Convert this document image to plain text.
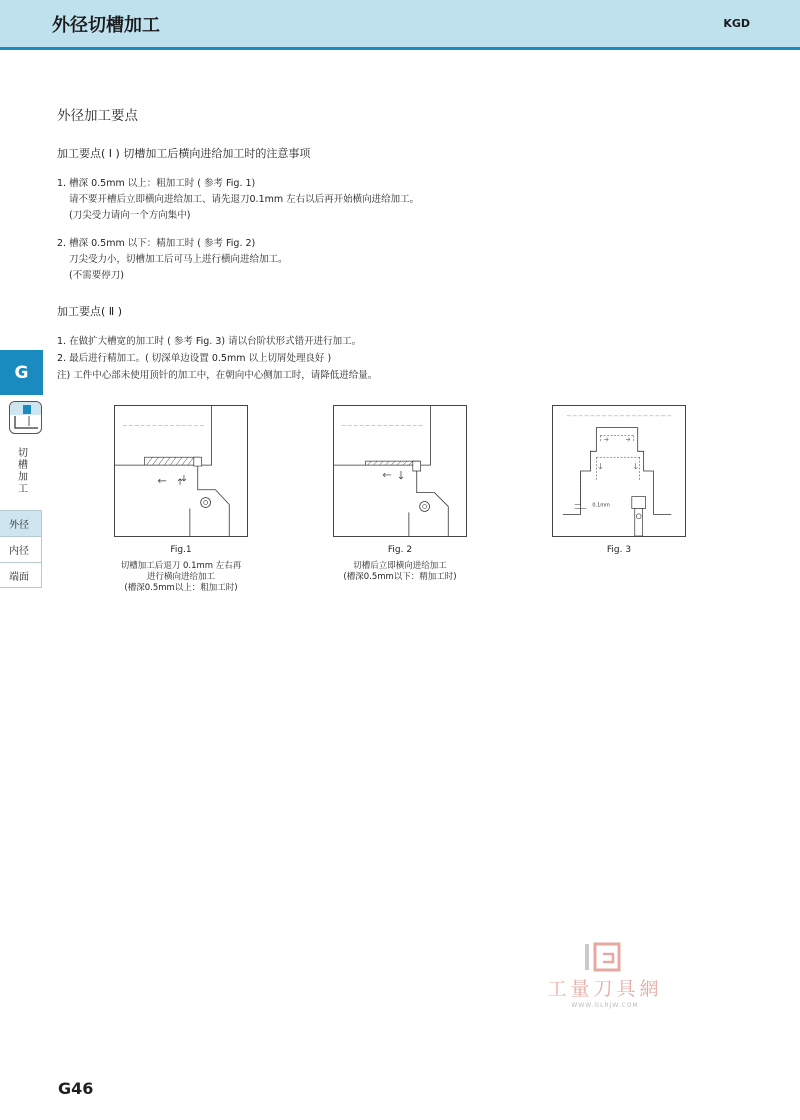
外径切槽加工	KGD
外径加工要点
加工要点( Ⅰ ) 切槽加工后横向进给加工时的注意事项
1. 槽深 0.5mm 以上：粗加工时 ( 参考 Fig. 1)
请不要开槽后立即横向进给加工、请先退刀0.1mm 左右以后再开始横向进给加工。
(刀尖受力请向一个方向集中)
2. 槽深 0.5mm 以下：精加工时 ( 参考 Fig. 2)
刀尖受力小，切槽加工后可马上进行横向进给加工。
(不需要停刀)
加工要点( Ⅱ )
1. 在做扩大槽宽的加工时 ( 参考 Fig. 3) 请以台阶状形式错开进行加工。
2. 最后进行精加工。( 切深单边设置 0.5mm 以上切屑处理良好 )
注) 工件中心部未使用顶针的加工中，在朝向中心侧加工时，请降低进给量。
G
切槽加工
外径
内径
端面
Fig.1
切槽加工后退刀 0.1mm 左右再
进行横向进给加工
(槽深0.5mm以上：粗加工时)
Fig. 2
切槽后立即横向进给加工
(槽深0.5mm以下：精加工时)
0.1mm
Fig. 3
工量刀具網
WWW.GLRJW.COM
G46
